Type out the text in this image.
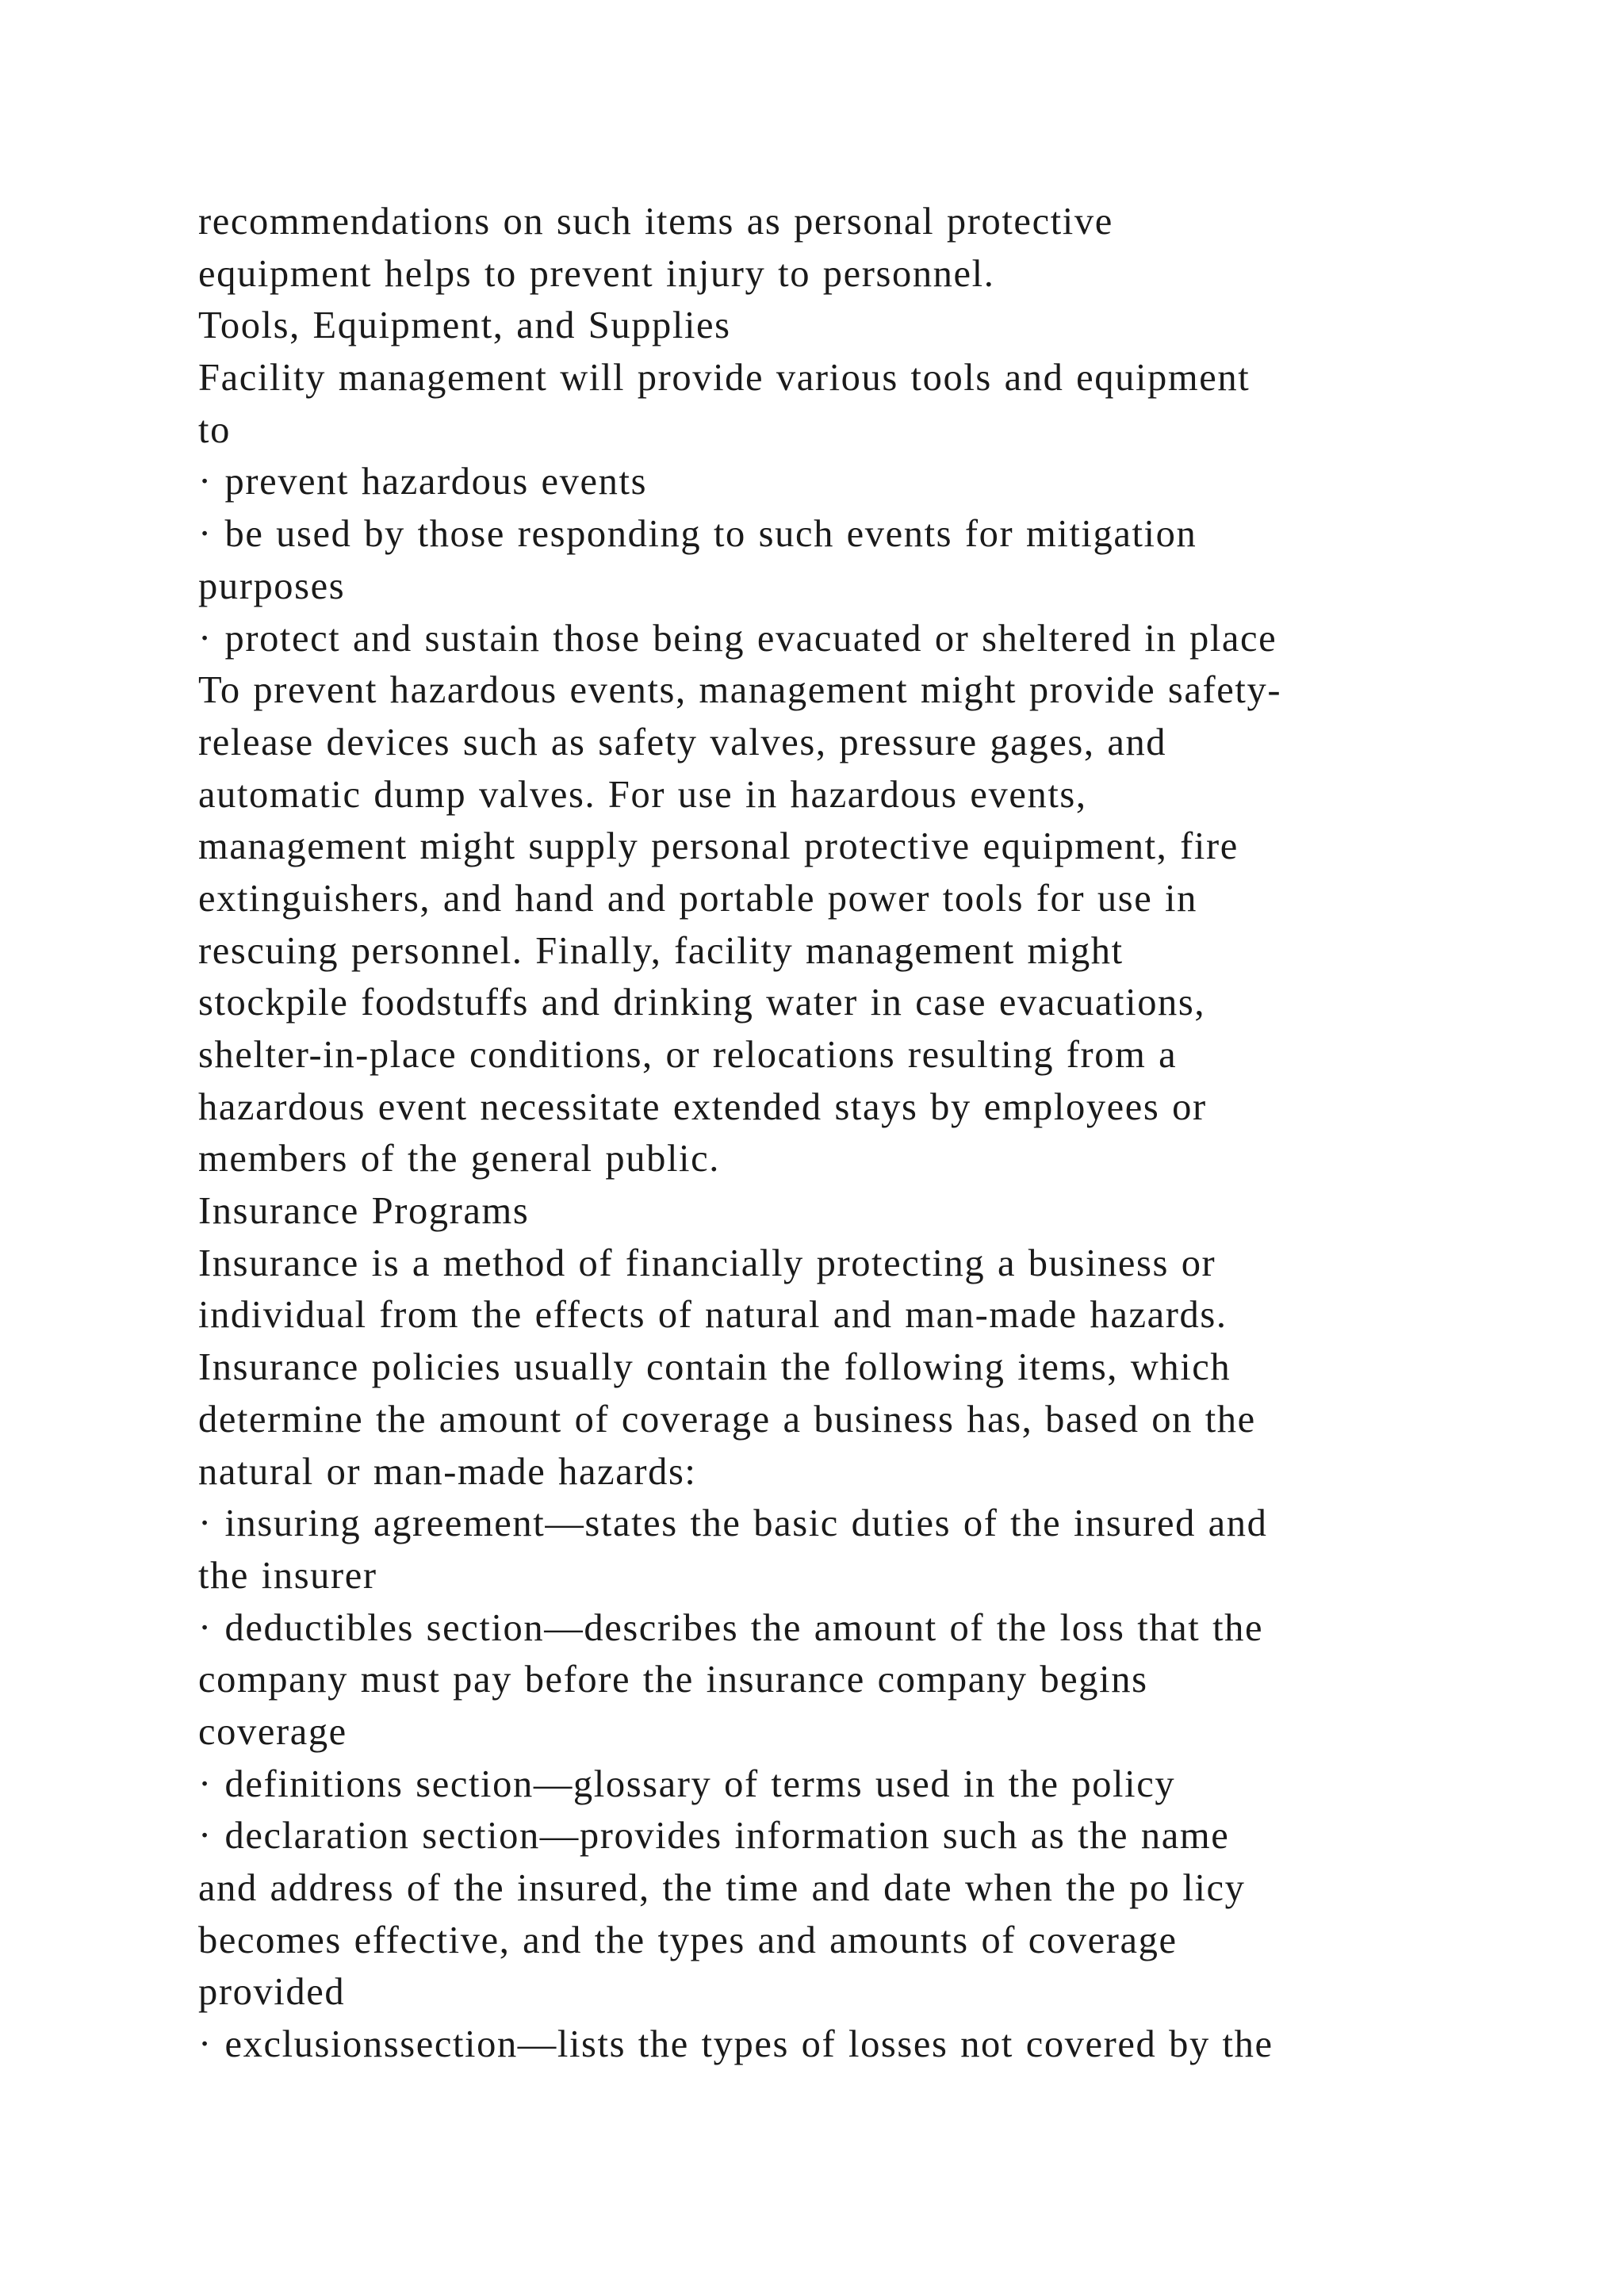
recommendations on such items as personal protective
equipment helps to prevent injury to personnel.
Tools, Equipment, and Supplies
Facility management will provide various tools and equipment
to
· prevent hazardous events
· be used by those responding to such events for mitigation
purposes
· protect and sustain those being evacuated or sheltered in place
To prevent hazardous events, management might provide safety-
release devices such as safety valves, pressure gages, and
automatic dump valves. For use in hazardous events,
management might supply personal protective equipment, fire
extinguishers, and hand and portable power tools for use in
rescuing personnel. Finally, facility management might
stockpile foodstuffs and drinking water in case evacuations,
shelter-in-place conditions, or relocations resulting from a
hazardous event necessitate extended stays by employees or
members of the general public.
Insurance Programs
Insurance is a method of financially protecting a business or
individual from the effects of natural and man-made hazards.
Insurance policies usually contain the following items, which
determine the amount of coverage a business has, based on the
natural or man-made hazards:
· insuring agreement—states the basic duties of the insured and
the insurer
· deductibles section—describes the amount of the loss that the
company must pay before the insurance company begins
coverage
· definitions section—glossary of terms used in the policy
· declaration section—provides information such as the name
and address of the insured, the time and date when the po licy
becomes effective, and the types and amounts of coverage
provided
· exclusionssection—lists the types of losses not covered by the
